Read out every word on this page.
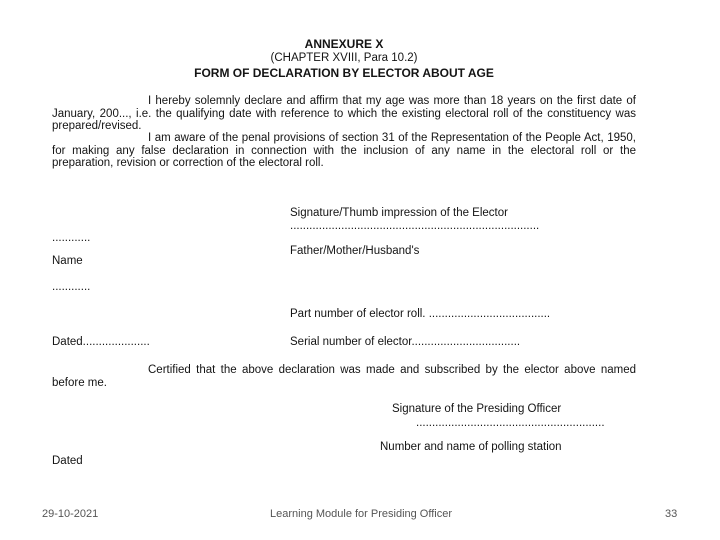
ANNEXURE X
(CHAPTER XVIII, Para 10.2)
FORM OF DECLARATION BY ELECTOR ABOUT AGE

I hereby solemnly declare and affirm that my age was more than 18 years on the first date of January, 200..., i.e. the qualifying date with reference to which the existing electoral roll of the constituency was prepared/revised.

I am aware of the penal provisions of section 31 of the Representation of the People Act, 1950, for making any false declaration in connection with the inclusion of any name in the electoral roll or the preparation, revision or correction of the electoral roll.

Signature/Thumb impression of the Elector
..............................................................................
............
Father/Mother/Husband's
Name
............
Part number of elector roll. ......................................
Dated.....................	Serial number of elector..................................

Certified that the above declaration was made and subscribed by the elector above named before me.

Signature of the Presiding Officer
...........................................................
Number and name of polling station
Dated
29-10-2021	Learning Module for Presiding Officer	33
